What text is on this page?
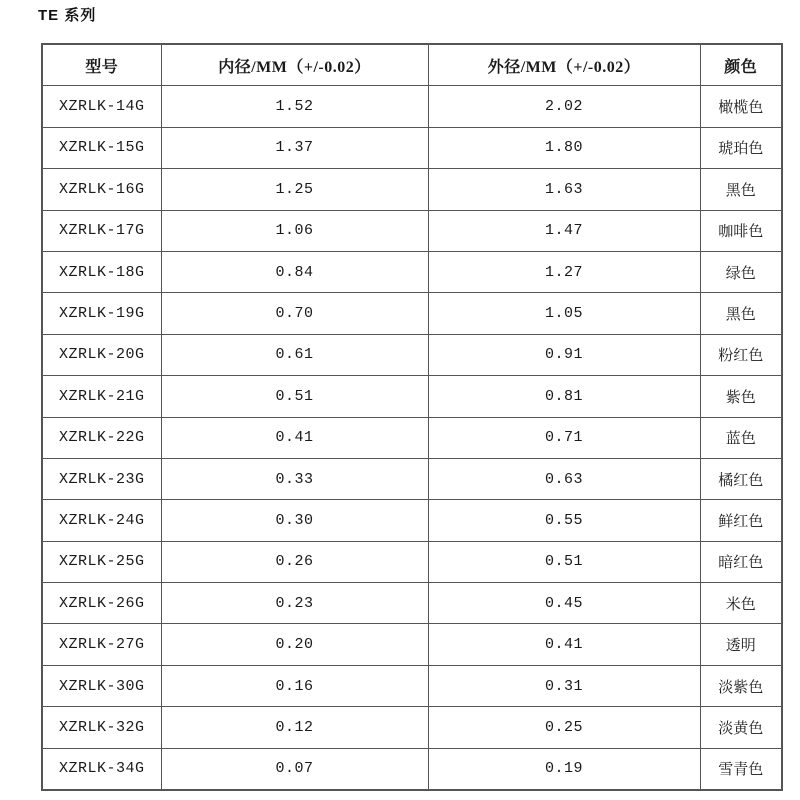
TE 系列
型号	内径/MM（+/-0.02）	外径/MM（+/-0.02）	颜色
XZRLK-14G	1.52	2.02	橄榄色
XZRLK-15G	1.37	1.80	琥珀色
XZRLK-16G	1.25	1.63	黑色
XZRLK-17G	1.06	1.47	咖啡色
XZRLK-18G	0.84	1.27	绿色
XZRLK-19G	0.70	1.05	黑色
XZRLK-20G	0.61	0.91	粉红色
XZRLK-21G	0.51	0.81	紫色
XZRLK-22G	0.41	0.71	蓝色
XZRLK-23G	0.33	0.63	橘红色
XZRLK-24G	0.30	0.55	鲜红色
XZRLK-25G	0.26	0.51	暗红色
XZRLK-26G	0.23	0.45	米色
XZRLK-27G	0.20	0.41	透明
XZRLK-30G	0.16	0.31	淡紫色
XZRLK-32G	0.12	0.25	淡黄色
XZRLK-34G	0.07	0.19	雪青色
